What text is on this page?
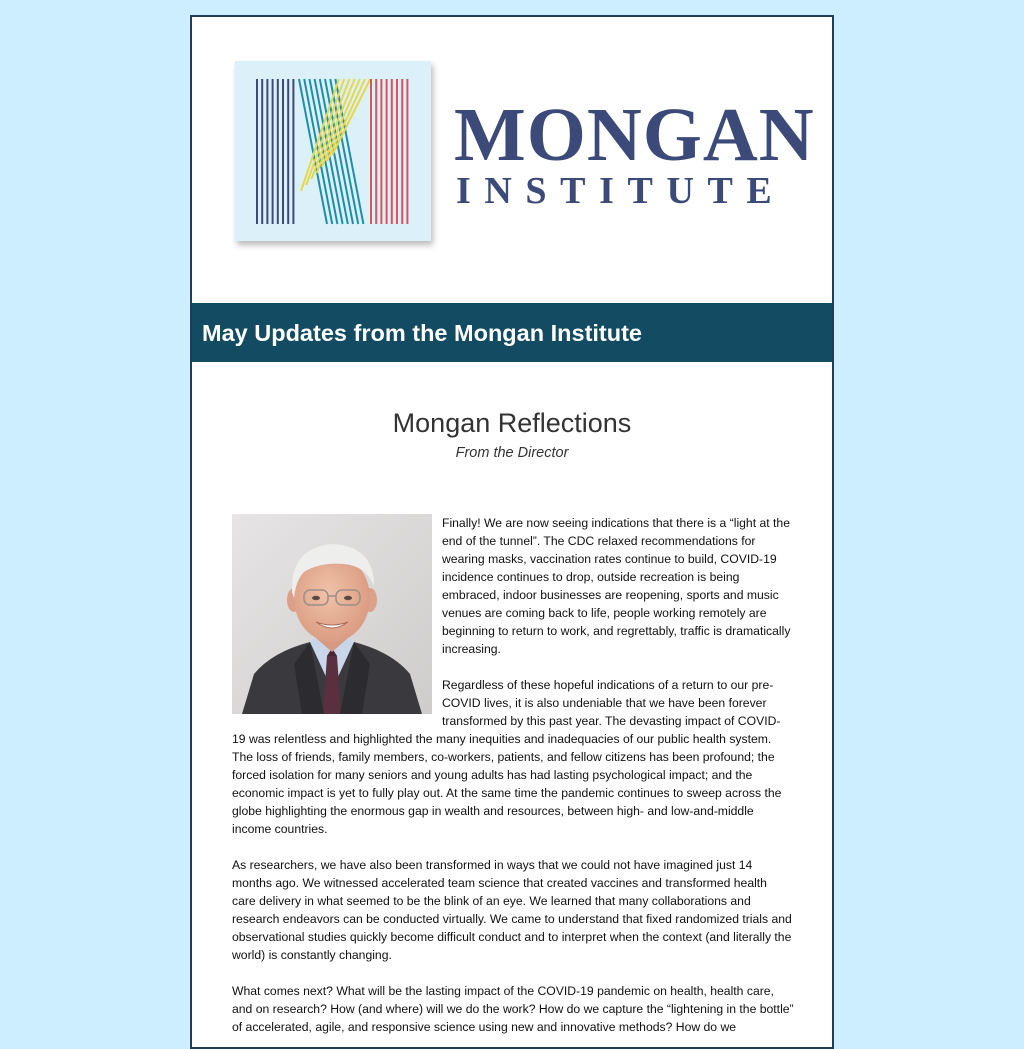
MONGAN
INSTITUTE
May Updates from the Mongan Institute
Mongan Reflections
From the Director

Finally! We are now seeing indications that there is a “light at the end of the tunnel”. The CDC relaxed recommendations for wearing masks, vaccination rates continue to build, COVID-19 incidence continues to drop, outside recreation is being embraced, indoor businesses are reopening, sports and music venues are coming back to life, people working remotely are beginning to return to work, and regrettably, traffic is dramatically increasing.

Regardless of these hopeful indications of a return to our pre-COVID lives, it is also undeniable that we have been forever transformed by this past year. The devasting impact of COVID-19 was relentless and highlighted the many inequities and inadequacies of our public health system. The loss of friends, family members, co-workers, patients, and fellow citizens has been profound; the forced isolation for many seniors and young adults has had lasting psychological impact; and the economic impact is yet to fully play out. At the same time the pandemic continues to sweep across the globe highlighting the enormous gap in wealth and resources, between high- and low-and-middle income countries.

As researchers, we have also been transformed in ways that we could not have imagined just 14 months ago. We witnessed accelerated team science that created vaccines and transformed health care delivery in what seemed to be the blink of an eye. We learned that many collaborations and research endeavors can be conducted virtually. We came to understand that fixed randomized trials and observational studies quickly become difficult conduct and to interpret when the context (and literally the world) is constantly changing.

What comes next? What will be the lasting impact of the COVID-19 pandemic on health, health care, and on research? How (and where) will we do the work? How do we capture the “lightening in the bottle” of accelerated, agile, and responsive science using new and innovative methods? How do we
